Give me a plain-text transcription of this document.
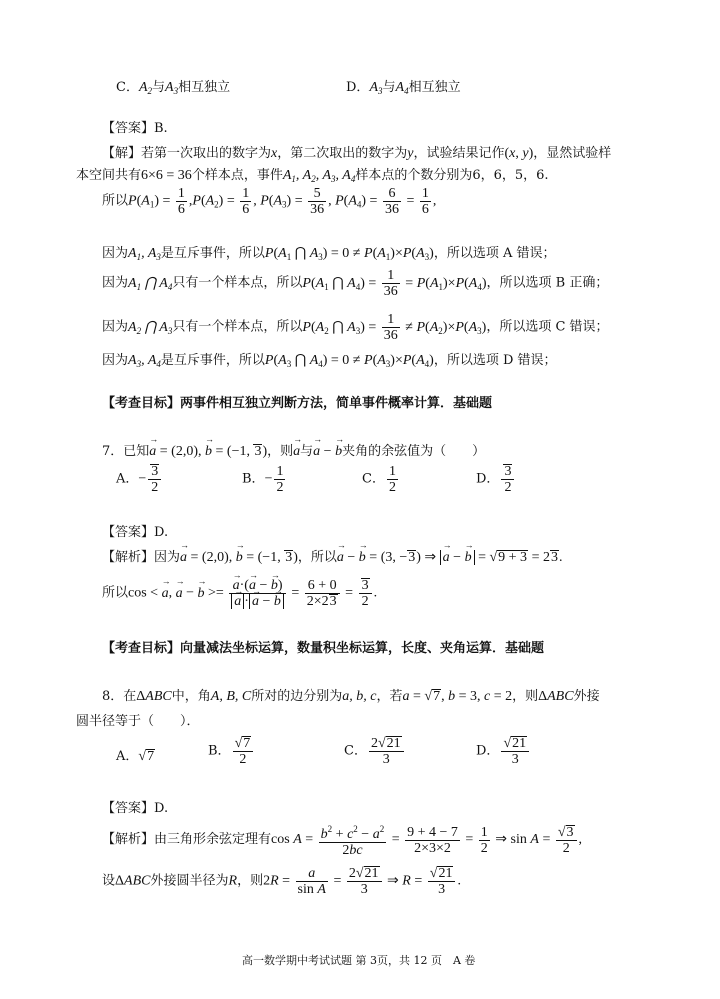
C．$A_2$与$A_3$相互独立	D．$A_3$与$A_4$相互独立
【答案】B.
【解】若第一次取出的数字为x，第二次取出的数字为y，试验结果记作(x, y)，显然试验样
本空间共有6×6 = 36个样本点，事件$A_1$, $A_2$, $A_3$, $A_4$样本点的个数分别为6，6，5，6.
所以$P(A_1) = \frac{1}{6} ,P(A_2) = \frac{1}{6}$ , $P(A_3) = \frac{5}{36}$ , $P(A_4) = \frac{6}{36} = \frac{1}{6}$ ,
因为$A_1$, $A_3$是互斥事件，所以$P(A_1$ ⋂ $A_3) = 0 \ne P(A_1)\times P(A_3)$，所以选项 A 错误；
因为$A_1$ ⋂ $A_4$只有一个样本点，所以$P(A_1$ ⋂ $A_4) = \frac{1}{36} = P(A_1)\times P(A_4)$，所以选项 B 正确；
因为$A_2$ ⋂ $A_3$只有一个样本点，所以$P(A_2$ ⋂ $A_3) = \frac{1}{36} \ne P(A_2)\times P(A_3)$，所以选项 C 错误；
因为$A_3$, $A_4$是互斥事件，所以$P(A_3$ ⋂ $A_4) = 0 \ne P(A_3)\times P(A_4)$，所以选项 D 错误；
【考查目标】两事件相互独立判断方法，简单事件概率计算．基础题
7．已知→ a = (2,0), → b = (−1, 3)，则→ a与→ a − → b夹角的余弦值为（　　）
A．− $\frac{3}{2}$	B．− $\frac{1}{2}$	C． $\frac{1}{2}$	D． $\frac{3}{2}$
【答案】D.
【解析】因为→ a = (2,0), → b = (−1, 3)，所以→ a − → b = (3, −3) ⇒ → a − → b = √9 + 3 = 23.
所以cos < → a, → a − → b >= → a·(→ a − → b)
→ a · → a − → $b = \frac{6 + 0}{2\times 23} = \frac{3}{2}$ .
【考查目标】向量减法坐标运算，数量积坐标运算，长度、夹角运算．基础题
8．在ΔABC中，角A, B, C所对的边分别为a, b, c，若a = √7, b = 3, c = 2，则ΔABC外接
圆半径等于（　　）．
A．√7	B． $\frac{√7}{2}$	C． $\frac{2√21}{3}$	D． $\frac{√21}{3}$
【答案】D.
【解析】由三角形余弦定理有$\cos A = \frac{b^2 + c^2 - a^2}{2bc} = \frac{9 + 4 - 7}{2\times 3\times 2} = \frac{1}{2}$ ⇒ $\sin A = \frac{√3}{2}$ ,
设ΔABC外接圆半径为R，则$2R = \frac{a}{\text{sin A}} = \frac{2√21}{3}$ ⇒ $R = \frac{√21}{3}$ .
高一数学期中考试试题 第 3页，共 12 页　A 卷
